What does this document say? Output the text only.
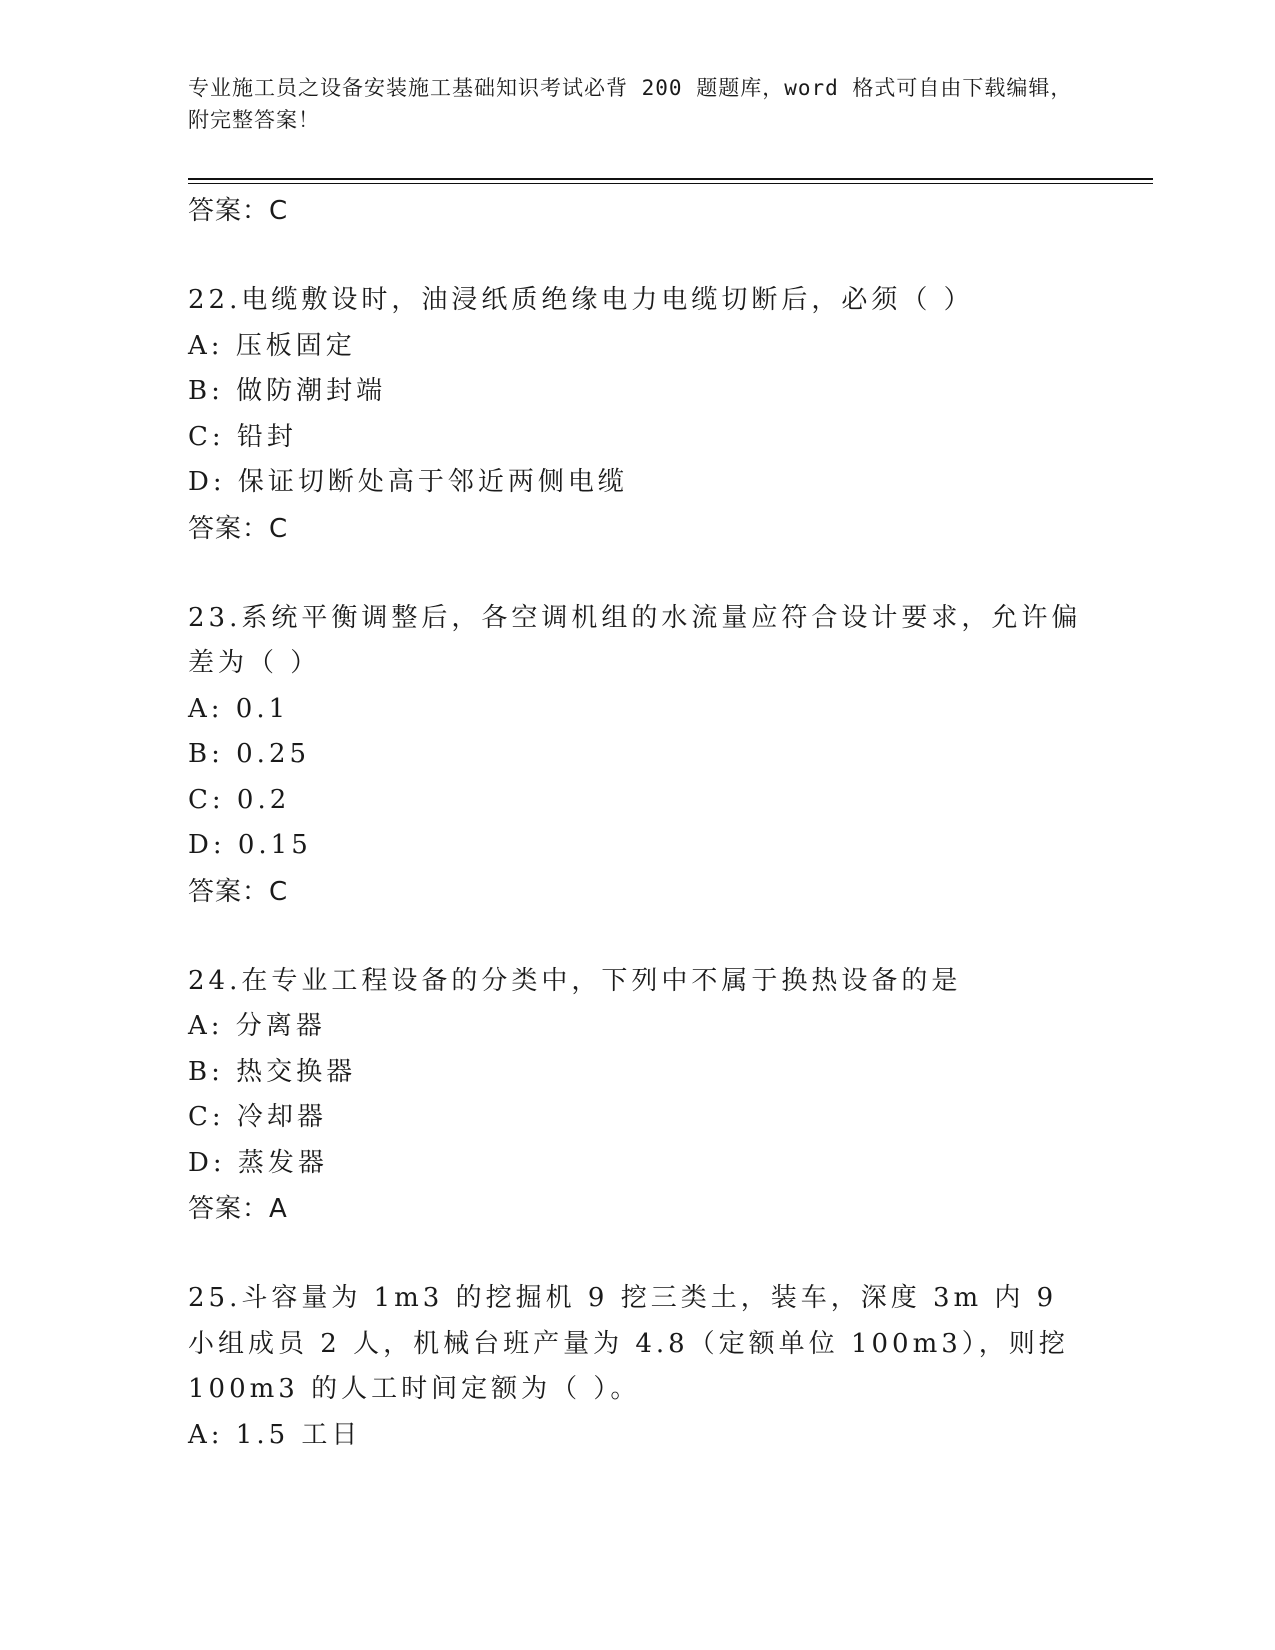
专业施工员之设备安装施工基础知识考试必背 200 题题库，word 格式可自由下载编辑，附完整答案！

答案：C

22.电缆敷设时，油浸纸质绝缘电力电缆切断后，必须（ ）

A: 压板固定

B: 做防潮封端

C: 铅封

D: 保证切断处高于邻近两侧电缆

答案：C

23.系统平衡调整后，各空调机组的水流量应符合设计要求，允许偏差为（ ）

A: 0.1

B: 0.25

C: 0.2

D: 0.15

答案：C

24.在专业工程设备的分类中，下列中不属于换热设备的是

A: 分离器

B: 热交换器

C: 冷却器

D: 蒸发器

答案：A

25.斗容量为 1m3 的挖掘机 9 挖三类土，装车，深度 3m 内 9 小组成员 2 人，机械台班产量为 4.8（定额单位 100m3），则挖 100m3 的人工时间定额为（ ）。

A: 1.5 工日
